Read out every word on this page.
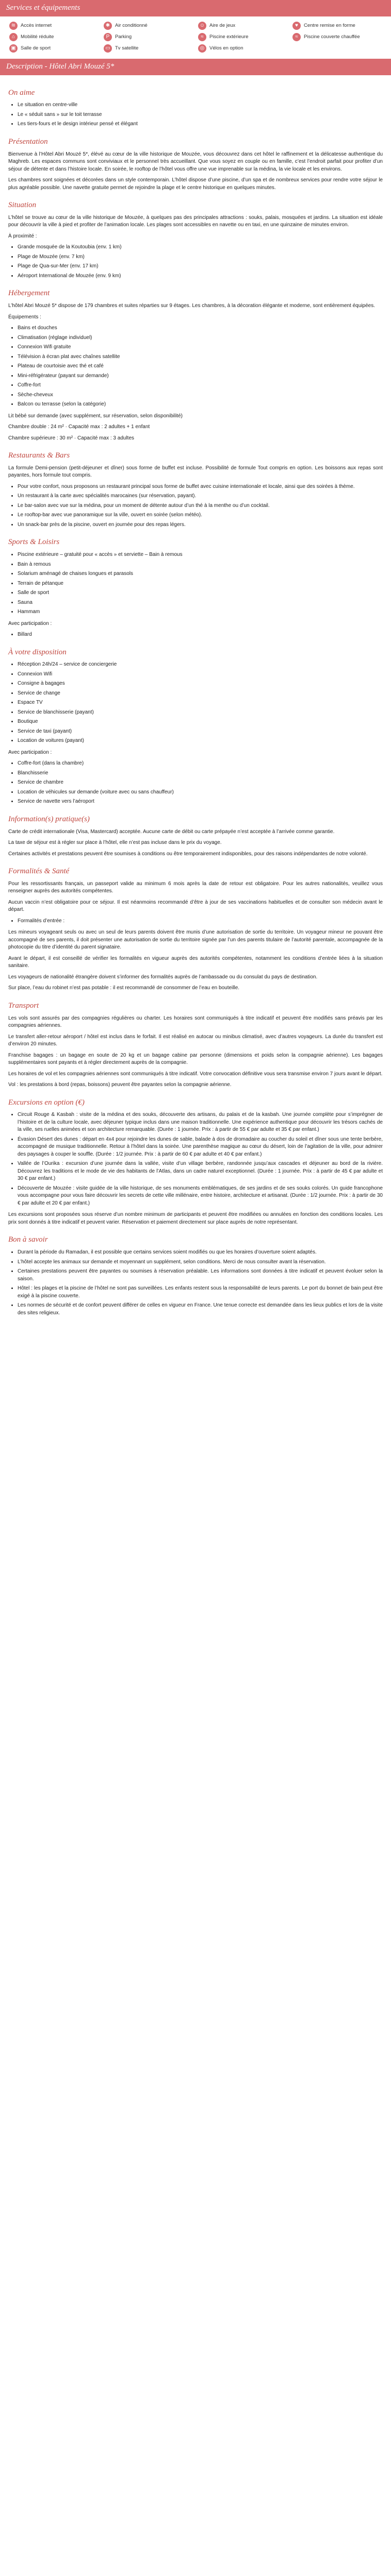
Services et équipements
≋	Accès internet	✱	Air conditionné	☺ Aire de jeux	♥	Centre remise en forme
⌂	Mobilité réduite	P	Parking	≈	Piscine extérieure	≈	Piscine couverte chauffée
▣ Salle de sport	▭ Tv satellite	◎	Vélos en option
Description - Hôtel Abri Mouzé 5*
On aime
• Le situation en centre-ville
• Le « séduit sans » sur le toit terrasse
• Les tiers-fours et le design intérieur pensé et élégant
Présentation

Bienvenue à l’Hôtel Abri Mouzé 5*, élévé au cœur de la ville historique de Mouzée, vous découvrez dans cet hôtel le raffinement et la délicatesse authentique du Maghreb. Les espaces communs sont conviviaux et le personnel très accueillant. Que vous soyez en couple ou en famille, c’est l’endroit parfait pour profiter d’un séjour de détente et dans l’histoire locale. En soirée, le rooftop de l’hôtel vous offre une vue imprenable sur la médina, la vie locale et les environs.

Les chambres sont soignées et décorées dans un style contemporain. L’hôtel dispose d’une piscine, d’un spa et de nombreux services pour rendre votre séjour le plus agréable possible. Une navette gratuite permet de rejoindre la plage et le centre historique en quelques minutes.

Situation

L’hôtel se trouve au cœur de la ville historique de Mouzée, à quelques pas des principales attractions : souks, palais, mosquées et jardins. La situation est idéale pour découvrir la ville à pied et profiter de l’animation locale. Les plages sont accessibles en navette ou en taxi, en une quinzaine de minutes environ.

À proximité :

• Grande mosquée de la Koutoubia (env. 1 km)
• Plage de Mouzée (env. 7 km)
• Plage de Qua-sur-Mer (env. 17 km)
• Aéroport International de Mouzée (env. 9 km)
Hébergement

L’hôtel Abri Mouzé 5* dispose de 179 chambres et suites réparties sur 9 étages. Les chambres, à la décoration élégante et moderne, sont entièrement équipées.

Équipements :

• Bains et douches
• Climatisation (réglage individuel)
• Connexion Wifi gratuite
• Télévision à écran plat avec chaînes satellite
• Plateau de courtoisie avec thé et café
• Mini-réfrigérateur (payant sur demande)
• Coffre-fort
• Sèche-cheveux
• Balcon ou terrasse (selon la catégorie)

Lit bébé sur demande (avec supplément, sur réservation, selon disponibilité)

Chambre double : 24 m² · Capacité max : 2 adultes + 1 enfant

Chambre supérieure : 30 m² · Capacité max : 3 adultes

Restaurants & Bars

La formule Demi-pension (petit-déjeuner et dîner) sous forme de buffet est incluse. Possibilité de formule Tout compris en option. Les boissons aux repas sont payantes, hors formule tout compris.

• Pour votre confort, nous proposons un restaurant principal sous forme de buffet avec cuisine internationale et locale, ainsi que des soirées à thème.
• Un restaurant à la carte avec spécialités marocaines (sur réservation, payant).
• Le bar-salon avec vue sur la médina, pour un moment de détente autour d’un thé à la menthe ou d’un cocktail.
• Le rooftop-bar avec vue panoramique sur la ville, ouvert en soirée (selon météo).
• Un snack-bar près de la piscine, ouvert en journée pour des repas légers.
Sports & Loisirs
• Piscine extérieure – gratuité pour « accès » et serviette – Bain à remous
• Bain à remous
• Solarium aménagé de chaises longues et parasols
• Terrain de pétanque
• Salle de sport
• Sauna
• Hammam

Avec participation :

• Billard
À votre disposition
• Réception 24h/24 – service de conciergerie
• Connexion Wifi
• Consigne à bagages
• Service de change
• Espace TV
• Service de blanchisserie (payant)
• Boutique
• Service de taxi (payant)
• Location de voitures (payant)

Avec participation :

• Coffre-fort (dans la chambre)
• Blanchisserie
• Service de chambre
• Location de véhicules sur demande (voiture avec ou sans chauffeur)
• Service de navette vers l’aéroport
Information(s) pratique(s)

Carte de crédit internationale (Visa, Mastercard) acceptée. Aucune carte de débit ou carte prépayée n’est acceptée à l’arrivée comme garantie.

La taxe de séjour est à régler sur place à l’hôtel, elle n’est pas incluse dans le prix du voyage.

Certaines activités et prestations peuvent être soumises à conditions ou être temporairement indisponibles, pour des raisons indépendantes de notre volonté.

Formalités & Santé

Pour les ressortissants français, un passeport valide au minimum 6 mois après la date de retour est obligatoire. Pour les autres nationalités, veuillez vous renseigner auprès des autorités compétentes.

Aucun vaccin n’est obligatoire pour ce séjour. Il est néanmoins recommandé d’être à jour de ses vaccinations habituelles et de consulter son médecin avant le départ.

• Formalités d’entrée :

Les mineurs voyageant seuls ou avec un seul de leurs parents doivent être munis d’une autorisation de sortie du territoire. Un voyageur mineur ne pouvant être accompagné de ses parents, il doit présenter une autorisation de sortie du territoire signée par l’un des parents titulaire de l’autorité parentale, accompagnée de la photocopie du titre d’identité du parent signataire.

Avant le départ, il est conseillé de vérifier les formalités en vigueur auprès des autorités compétentes, notamment les conditions d’entrée liées à la situation sanitaire.

Les voyageurs de nationalité étrangère doivent s’informer des formalités auprès de l’ambassade ou du consulat du pays de destination.

Sur place, l’eau du robinet n’est pas potable : il est recommandé de consommer de l’eau en bouteille.

Transport

Les vols sont assurés par des compagnies régulières ou charter. Les horaires sont communiqués à titre indicatif et peuvent être modifiés sans préavis par les compagnies aériennes.

Le transfert aller-retour aéroport / hôtel est inclus dans le forfait. Il est réalisé en autocar ou minibus climatisé, avec d’autres voyageurs. La durée du transfert est d’environ 20 minutes.

Franchise bagages : un bagage en soute de 20 kg et un bagage cabine par personne (dimensions et poids selon la compagnie aérienne). Les bagages supplémentaires sont payants et à régler directement auprès de la compagnie.

Les horaires de vol et les compagnies aériennes sont communiqués à titre indicatif. Votre convocation définitive vous sera transmise environ 7 jours avant le départ.

Vol : les prestations à bord (repas, boissons) peuvent être payantes selon la compagnie aérienne.

Excursions en option (€)
• Circuit Rouge & Kasbah : visite de la médina et des souks, découverte des artisans, du palais et de la kasbah. Une journée complète pour s’imprégner de l’histoire et de la culture locale, avec déjeuner typique inclus dans une maison traditionnelle. Une expérience authentique pour découvrir les trésors cachés de la ville, ses ruelles animées et son architecture remarquable. (Durée : 1 journée. Prix : à partir de 55 € par adulte et 35 € par enfant.)
• Évasion Désert des dunes : départ en 4x4 pour rejoindre les dunes de sable, balade à dos de dromadaire au coucher du soleil et dîner sous une tente berbère, accompagné de musique traditionnelle. Retour à l’hôtel dans la soirée. Une parenthèse magique au cœur du désert, loin de l’agitation de la ville, pour admirer des paysages à couper le souffle. (Durée : 1/2 journée. Prix : à partir de 60 € par adulte et 40 € par enfant.)
• Vallée de l’Ourika : excursion d’une journée dans la vallée, visite d’un village berbère, randonnée jusqu’aux cascades et déjeuner au bord de la rivière. Découvrez les traditions et le mode de vie des habitants de l’Atlas, dans un cadre naturel exceptionnel. (Durée : 1 journée. Prix : à partir de 45 € par adulte et 30 € par enfant.)
• Découverte de Mouzée : visite guidée de la ville historique, de ses monuments emblématiques, de ses jardins et de ses souks colorés. Un guide francophone vous accompagne pour vous faire découvrir les secrets de cette ville millénaire, entre histoire, architecture et artisanat. (Durée : 1/2 journée. Prix : à partir de 30 € par adulte et 20 € par enfant.)

Les excursions sont proposées sous réserve d’un nombre minimum de participants et peuvent être modifiées ou annulées en fonction des conditions locales. Les prix sont donnés à titre indicatif et peuvent varier. Réservation et paiement directement sur place auprès de notre représentant.

Bon à savoir
• Durant la période du Ramadan, il est possible que certains services soient modifiés ou que les horaires d’ouverture soient adaptés.
• L’hôtel accepte les animaux sur demande et moyennant un supplément, selon conditions. Merci de nous consulter avant la réservation.
• Certaines prestations peuvent être payantes ou soumises à réservation préalable. Les informations sont données à titre indicatif et peuvent évoluer selon la saison.
• Hôtel : les plages et la piscine de l’hôtel ne sont pas surveillées. Les enfants restent sous la responsabilité de leurs parents. Le port du bonnet de bain peut être exigé à la piscine couverte.
• Les normes de sécurité et de confort peuvent différer de celles en vigueur en France. Une tenue correcte est demandée dans les lieux publics et lors de la visite des sites religieux.
